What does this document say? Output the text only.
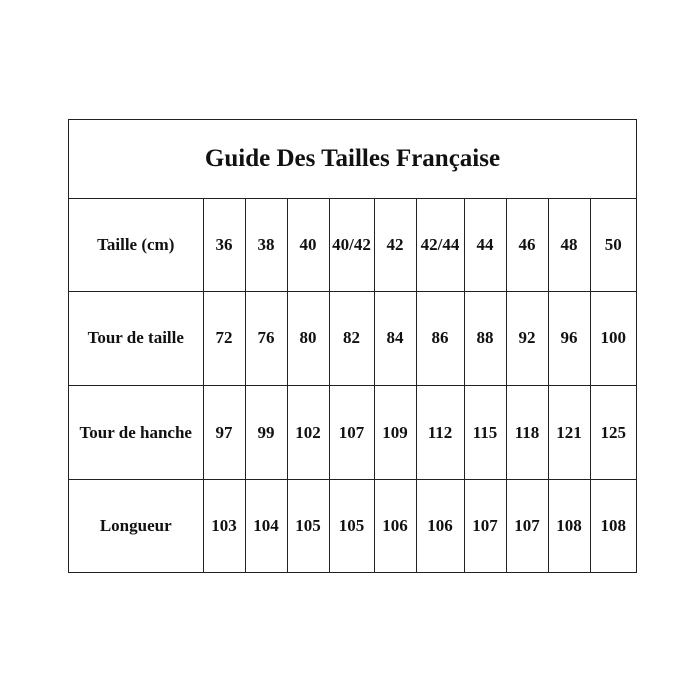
Guide Des Tailles Française
Taille (cm)	36	38	40	40/42	42	42/44	44	46	48	50
Tour de taille	72	76	80	82	84	86	88	92	96	100
Tour de hanche	97	99	102	107	109	112	115	118	121	125
Longueur	103	104	105	105	106	106	107	107	108	108
